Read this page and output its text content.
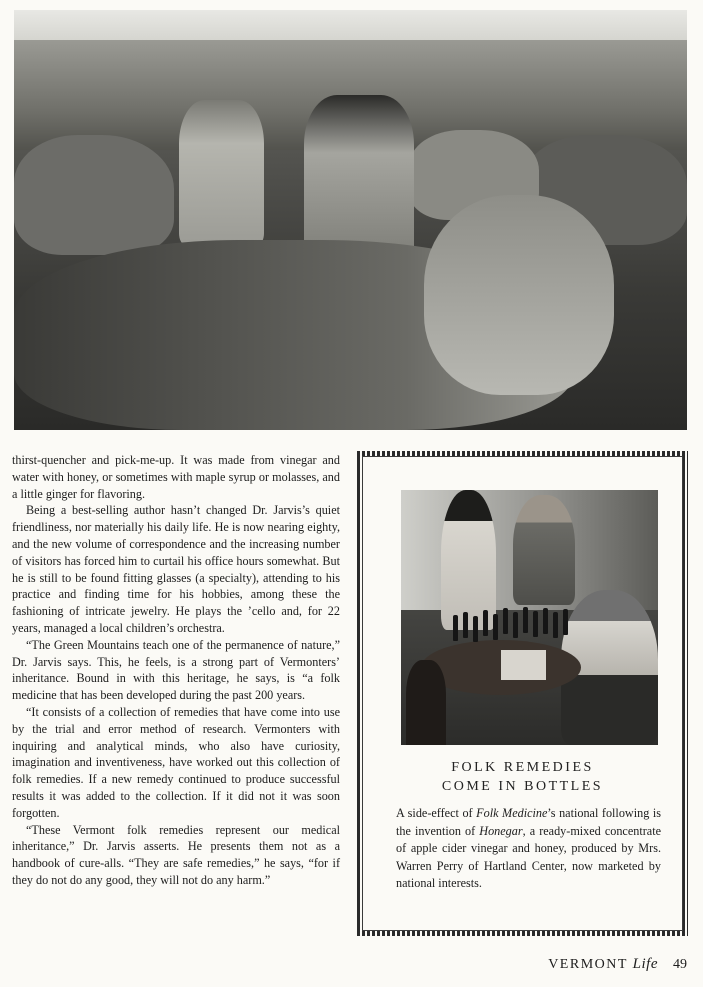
thirst-quencher and pick-me-up. It was made from vinegar and water with honey, or sometimes with maple syrup or molasses, and a little ginger for flavoring.

Being a best-selling author hasn’t changed Dr. Jarvis’s quiet friendliness, nor materially his daily life. He is now nearing eighty, and the new volume of correspondence and the increasing number of visitors has forced him to curtail his office hours somewhat. But he is still to be found fitting glasses (a specialty), attending to his practice and finding time for his hobbies, among these the fashioning of intricate jewelry. He plays the ’cello and, for 22 years, managed a local children’s orchestra.

“The Green Mountains teach one of the permanence of nature,” Dr. Jarvis says. This, he feels, is a strong part of Vermonters’ inheritance. Bound in with this heritage, he says, is “a folk medicine that has been developed during the past 200 years.

“It consists of a collection of remedies that have come into use by the trial and error method of research. Vermonters with inquiring and analytical minds, who also have curiosity, imagination and inventiveness, have worked out this collection of folk remedies. If a new remedy continued to produce successful results it was added to the collection. If it did not it was soon forgotten.

“These Vermont folk remedies represent our medical inheritance,” Dr. Jarvis asserts. He presents them not as a handbook of cure-alls. “They are safe remedies,” he says, “for if they do not do any good, they will not do any harm.”

FOLK REMEDIES
COME IN BOTTLES

A side-effect of Folk Medicine’s national following is the invention of Honegar, a ready-mixed concentrate of apple cider vinegar and honey, produced by Mrs. Warren Perry of Hartland Center, now marketed by national interests.

VERMONT Life 49
